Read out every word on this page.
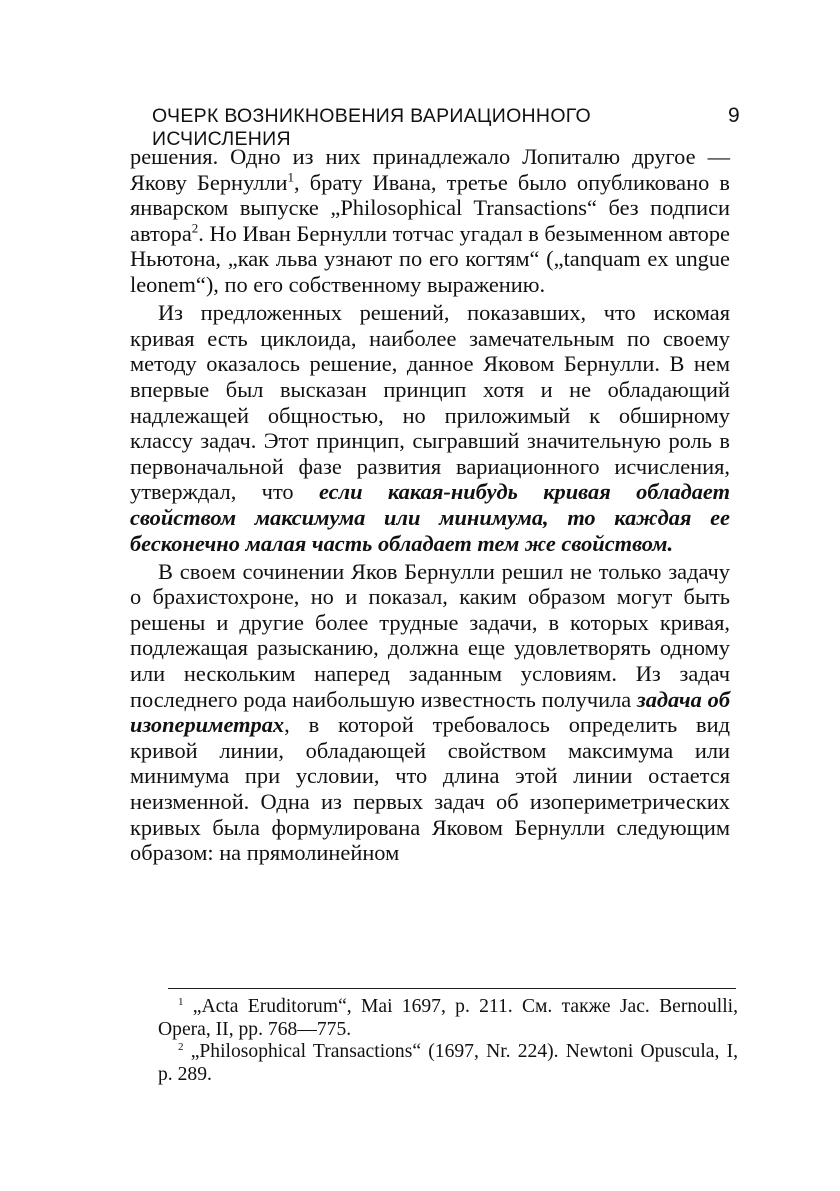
ОЧЕРК ВОЗНИКНОВЕНИЯ ВАРИАЦИОННОГО ИСЧИСЛЕНИЯ
9

решения. Одно из них принадлежало Лопиталю другое — Якову Бернулли$^1$, брату Ивана, третье было опубликовано в январском выпуске „Philosophical Transactions“ без подписи автора$^2$. Но Иван Бернулли тотчас угадал в безыменном авторе Ньютона, „как льва узнают по его когтям“ („tanquam ex ungue leonem“), по его собственному выражению.

Из предложенных решений, показавших, что искомая кривая есть циклоида, наиболее замечательным по своему методу оказалось решение, данное Яковом Бернулли. В нем впервые был высказан принцип хотя и не обладающий надлежащей общностью, но приложимый к обширному классу задач. Этот принцип, сыгравший значительную роль в первоначальной фазе развития вариационного исчисления, утверждал, что если какая-нибудь кривая обладает свойством максимума или минимума, то каждая ее бесконечно малая часть обладает тем же свойством.

В своем сочинении Яков Бернулли решил не только задачу о брахистохроне, но и показал, каким образом могут быть решены и другие более трудные задачи, в которых кривая, подлежащая разысканию, должна еще удовлетворять одному или нескольким наперед заданным условиям. Из задач последнего рода наибольшую известность получила задача об изопериметрах, в которой требовалось определить вид кривой линии, обладающей свойством максимума или минимума при условии, что длина этой линии остается неизменной. Одна из первых задач об изопериметрических кривых была формулирована Яковом Бернулли следующим образом: на прямолинейном

$^1$ „Acta Eruditorum“, Mai 1697, p. 211. См. также Jac. Bernoulli, Opera, II, pp. 768—775.

$^2$ „Philosophical Transactions“ (1697, Nr. 224). Newtoni Opuscula, I, p. 289.
